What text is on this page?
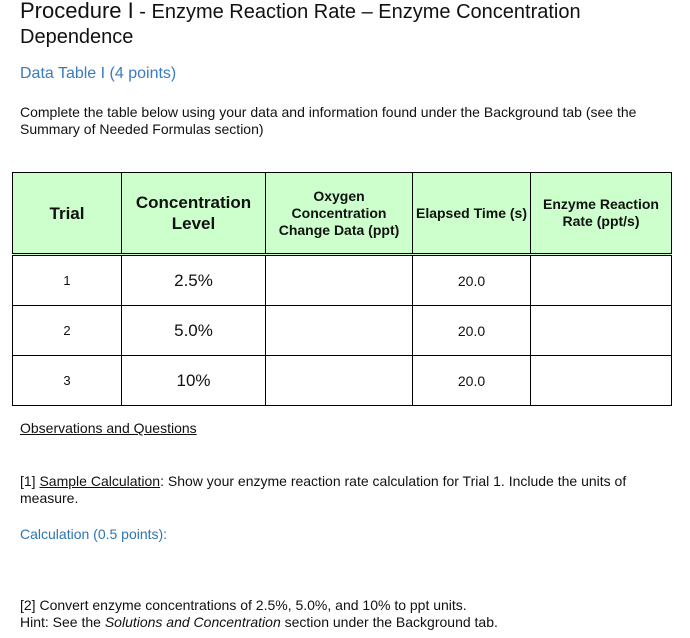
Procedure I - Enzyme Reaction Rate – Enzyme Concentration Dependence
Data Table I (4 points)
Complete the table below using your data and information found under the Background tab (see the Summary of Needed Formulas section)
Trial	Concentration Level	Oxygen Concentration Change Data (ppt)	Elapsed Time (s)	Enzyme Reaction Rate (ppt/s)
1	2.5%		20.0	
2	5.0%		20.0	
3	10%		20.0	
Observations and Questions
[1] Sample Calculation: Show your enzyme reaction rate calculation for Trial 1. Include the units of measure.
Calculation (0.5 points):
[2] Convert enzyme concentrations of 2.5%, 5.0%, and 10% to ppt units.
Hint: See the Solutions and Concentration section under the Background tab.
